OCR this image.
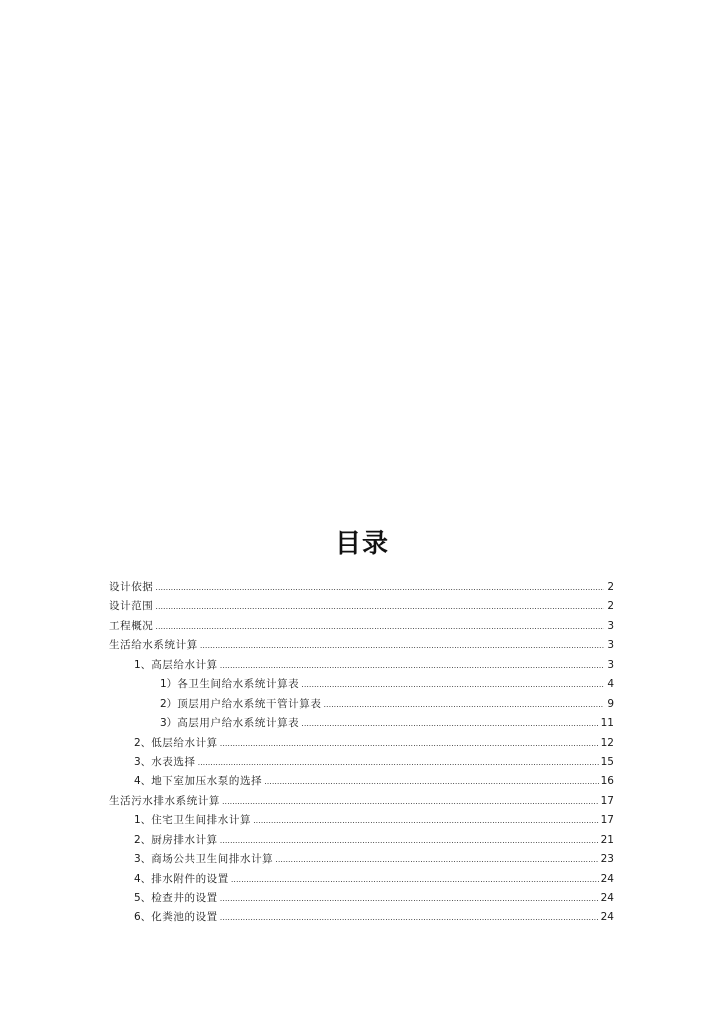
目录
设计依据 .....	2
设计范围 .....	2
工程概况 .....	3
生活给水系统计算 .....	3
1、 高层给水计算 .....	3
1） 各卫生间给水系统计算表 .....	4
2） 顶层用户给水系统干管计算表 .....	9
3） 高层用户给水系统计算表 .....	11
2、 低层给水计算 .....	12
3、 水表选择 .....	15
4、 地下室加压水泵的选择 .....	16
生活污水排水系统计算 .....	17
1、 住宅卫生间排水计算 .....	17
2、 厨房排水计算 .....	21
3、 商场公共卫生间排水计算 .....	23
4、 排水附件的设置 .....	24
5、 检查井的设置 .....	24
6、 化粪池的设置 .....	24
